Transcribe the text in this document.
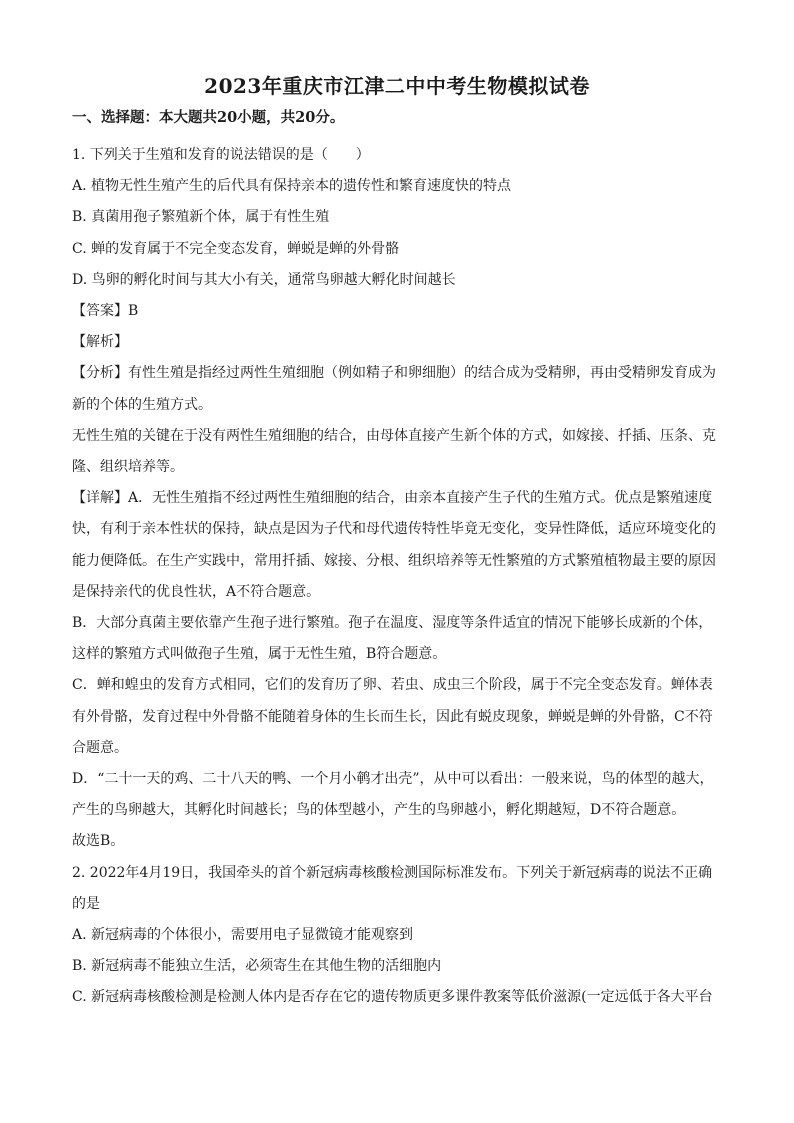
2023年重庆市江津二中中考生物模拟试卷
一、选择题：本大题共20小题，共20分。

1. 下列关于生殖和发育的说法错误的是（　　）

A. 植物无性生殖产生的后代具有保持亲本的遗传性和繁育速度快的特点

B. 真菌用孢子繁殖新个体，属于有性生殖

C. 蝉的发育属于不完全变态发育，蝉蜕是蝉的外骨骼

D. 鸟卵的孵化时间与其大小有关，通常鸟卵越大孵化时间越长

【答案】B

【解析】

【分析】有性生殖是指经过两性生殖细胞（例如精子和卵细胞）的结合成为受精卵，再由受精卵发育成为

新的个体的生殖方式。

无性生殖的关键在于没有两性生殖细胞的结合，由母体直接产生新个体的方式，如嫁接、扦插、压条、克

隆、组织培养等。

【详解】A．无性生殖指不经过两性生殖细胞的结合，由亲本直接产生子代的生殖方式。优点是繁殖速度

快，有利于亲本性状的保持，缺点是因为子代和母代遗传特性毕竟无变化，变异性降低，适应环境变化的

能力便降低。在生产实践中，常用扦插、嫁接、分根、组织培养等无性繁殖的方式繁殖植物最主要的原因

是保持亲代的优良性状，A不符合题意。

B．大部分真菌主要依靠产生孢子进行繁殖。孢子在温度、湿度等条件适宜的情况下能够长成新的个体，

这样的繁殖方式叫做孢子生殖，属于无性生殖，B符合题意。

C．蝉和蝗虫的发育方式相同，它们的发育历了卵、若虫、成虫三个阶段，属于不完全变态发育。蝉体表

有外骨骼，发育过程中外骨骼不能随着身体的生长而生长，因此有蜕皮现象，蝉蜕是蝉的外骨骼，C不符

合题意。

D．“二十一天的鸡、二十八天的鸭、一个月小鹌才出壳”，从中可以看出：一般来说，鸟的体型的越大，

产生的鸟卵越大，其孵化时间越长；鸟的体型越小，产生的鸟卵越小，孵化期越短，D不符合题意。

故选B。

2. 2022年4月19日，我国牵头的首个新冠病毒核酸检测国际标准发布。下列关于新冠病毒的说法不正确

的是

A. 新冠病毒的个体很小，需要用电子显微镜才能观察到

B. 新冠病毒不能独立生活，必须寄生在其他生物的活细胞内

C. 新冠病毒核酸检测是检测人体内是否存在它的遗传物质更多课件教案等低价滋源(一定远低于各大平台
